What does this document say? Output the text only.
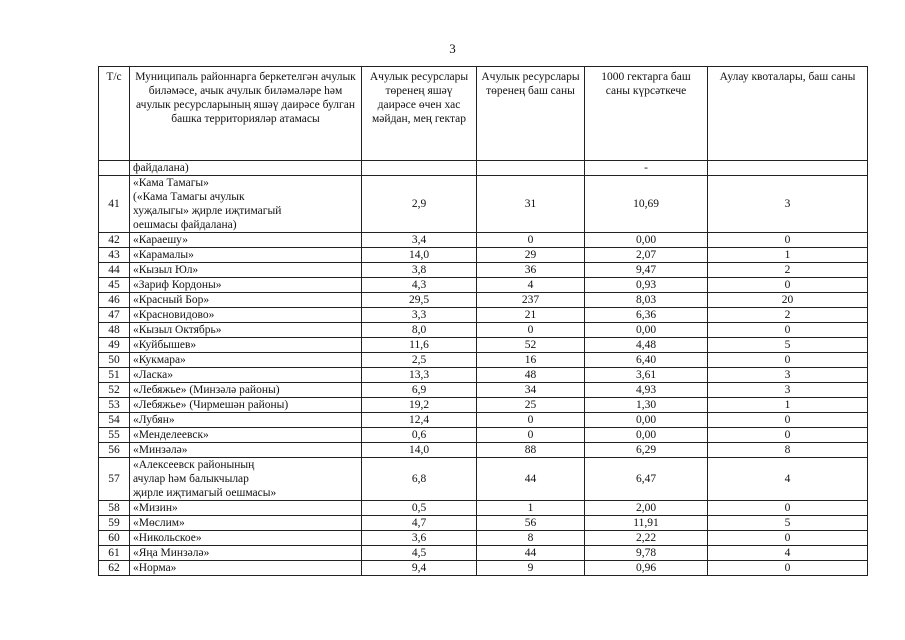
3
Т/с	Муниципаль районнарга беркетелгән ачулык биләмәсе, ачык ачулык биләмәләре һәм ачулык ресурсларының яшәү даирәсе булган башка территорияләр атамасы	Ачулык ресурслары төренең яшәү даирәсе өчен хас мәйдан, мең гектар	Ачулык ресурслары төренең баш саны	1000 гектарга баш саны күрсәткече	Аулау квоталары, баш саны
	файдалана)			-	
41	«Кама Тамагы»
(«Кама Тамагы ачулык
хуҗалыгы» җирле иҗтимагый
оешмасы файдалана)	2,9	31	10,69	3
42	«Караешу»	3,4	0	0,00	0
43	«Карамалы»	14,0	29	2,07	1
44	«Кызыл Юл»	3,8	36	9,47	2
45	«Зариф Кордоны»	4,3	4	0,93	0
46	«Красный Бор»	29,5	237	8,03	20
47	«Красновидово»	3,3	21	6,36	2
48	«Кызыл Октябрь»	8,0	0	0,00	0
49	«Куйбышев»	11,6	52	4,48	5
50	«Кукмара»	2,5	16	6,40	0
51	«Ласка»	13,3	48	3,61	3
52	«Лебяжье» (Минзәлә районы)	6,9	34	4,93	3
53	«Лебяжье» (Чирмешән районы)	19,2	25	1,30	1
54	«Лубян»	12,4	0	0,00	0
55	«Менделеевск»	0,6	0	0,00	0
56	«Минзәлә»	14,0	88	6,29	8
57	«Алексеевск районының
ачулар һәм балыкчылар
җирле иҗтимагый оешмасы»	6,8	44	6,47	4
58	«Мизин»	0,5	1	2,00	0
59	«Мөслим»	4,7	56	11,91	5
60	«Никольское»	3,6	8	2,22	0
61	«Яңа Минзәлә»	4,5	44	9,78	4
62	«Норма»	9,4	9	0,96	0
